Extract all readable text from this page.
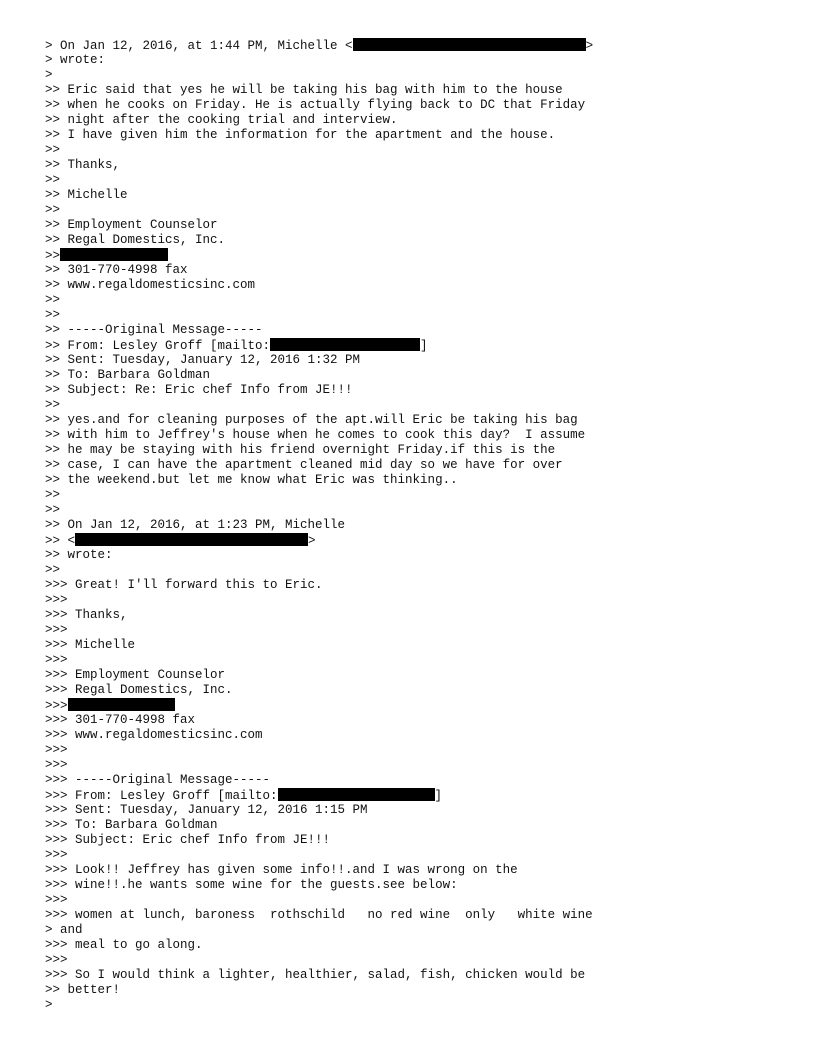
> On Jan 12, 2016, at 1:44 PM, Michelle <	>
> wrote:
>
>> Eric said that yes he will be taking his bag with him to the house
>> when he cooks on Friday. He is actually flying back to DC that Friday
>> night after the cooking trial and interview.
>> I have given him the information for the apartment and the house.
>>
>> Thanks,
>>
>> Michelle
>>
>> Employment Counselor
>> Regal Domestics, Inc.
>>
>> 301-770-4998 fax
>> www.regaldomesticsinc.com
>>
>>
>> -----Original Message-----
>> From: Lesley Groff [mailto:	]
>> Sent: Tuesday, January 12, 2016 1:32 PM
>> To: Barbara Goldman
>> Subject: Re: Eric chef Info from JE!!!
>>
>> yes.and for cleaning purposes of the apt.will Eric be taking his bag
>> with him to Jeffrey's house when he comes to cook this day?  I assume
>> he may be staying with his friend overnight Friday.if this is the
>> case, I can have the apartment cleaned mid day so we have for over
>> the weekend.but let me know what Eric was thinking..
>>
>>
>> On Jan 12, 2016, at 1:23 PM, Michelle
>> <	>
>> wrote:
>>
>>> Great! I'll forward this to Eric.
>>>
>>> Thanks,
>>>
>>> Michelle
>>>
>>> Employment Counselor
>>> Regal Domestics, Inc.
>>>
>>> 301-770-4998 fax
>>> www.regaldomesticsinc.com
>>>
>>>
>>> -----Original Message-----
>>> From: Lesley Groff [mailto:	]
>>> Sent: Tuesday, January 12, 2016 1:15 PM
>>> To: Barbara Goldman
>>> Subject: Eric chef Info from JE!!!
>>>
>>> Look!! Jeffrey has given some info!!.and I was wrong on the
>>> wine!!.he wants some wine for the guests.see below:
>>>
>>> women at lunch, baroness  rothschild   no red wine  only   white wine
> and
>>> meal to go along.
>>>
>>> So I would think a lighter, healthier, salad, fish, chicken would be
>> better!
>
